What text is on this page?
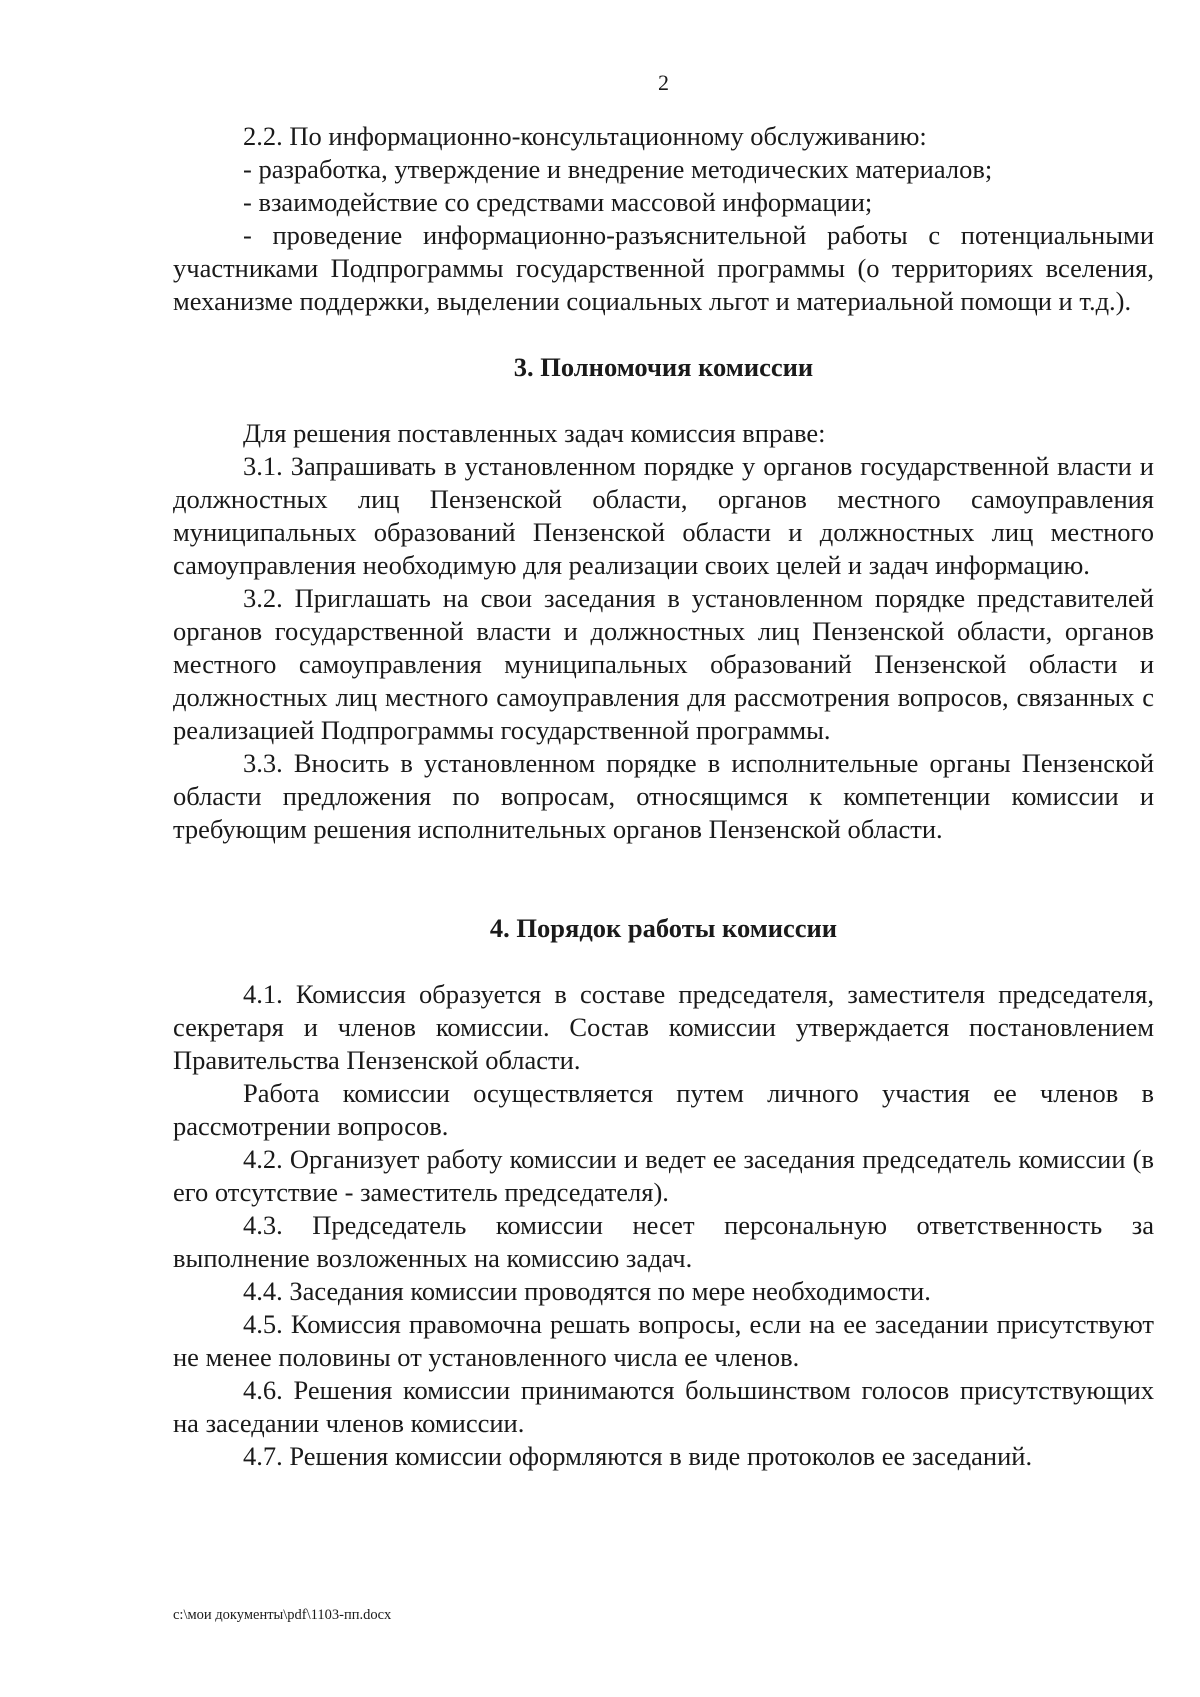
2

2.2. По информационно-консультационному обслуживанию:

- разработка, утверждение и внедрение методических материалов;

- взаимодействие со средствами массовой информации;

- проведение информационно-разъяснительной работы с потенциальными участниками Подпрограммы государственной программы (о территориях вселения, механизме поддержки, выделении социальных льгот и материальной помощи и т.д.).

3. Полномочия комиссии

Для решения поставленных задач комиссия вправе:

3.1. Запрашивать в установленном порядке у органов государственной власти и должностных лиц Пензенской области, органов местного самоуправления муниципальных образований Пензенской области и должностных лиц местного самоуправления необходимую для реализации своих целей и задач информацию.

3.2. Приглашать на свои заседания в установленном порядке представителей органов государственной власти и должностных лиц Пензенской области, органов местного самоуправления муниципальных образований Пензенской области и должностных лиц местного самоуправления для рассмотрения вопросов, связанных с реализацией Подпрограммы государственной программы.

3.3. Вносить в установленном порядке в исполнительные органы Пензенской области предложения по вопросам, относящимся к компетенции комиссии и требующим решения исполнительных органов Пензенской области.

4. Порядок работы комиссии

4.1. Комиссия образуется в составе председателя, заместителя председателя, секретаря и членов комиссии. Состав комиссии утверждается постановлением Правительства Пензенской области.

Работа комиссии осуществляется путем личного участия ее членов в рассмотрении вопросов.

4.2. Организует работу комиссии и ведет ее заседания председатель комиссии (в его отсутствие - заместитель председателя).

4.3. Председатель комиссии несет персональную ответственность за выполнение возложенных на комиссию задач.

4.4. Заседания комиссии проводятся по мере необходимости.

4.5. Комиссия правомочна решать вопросы, если на ее заседании присутствуют не менее половины от установленного числа ее членов.

4.6. Решения комиссии принимаются большинством голосов присутствующих на заседании членов комиссии.

4.7. Решения комиссии оформляются в виде протоколов ее заседаний.

с:\мои документы\pdf\1103-пп.docx
